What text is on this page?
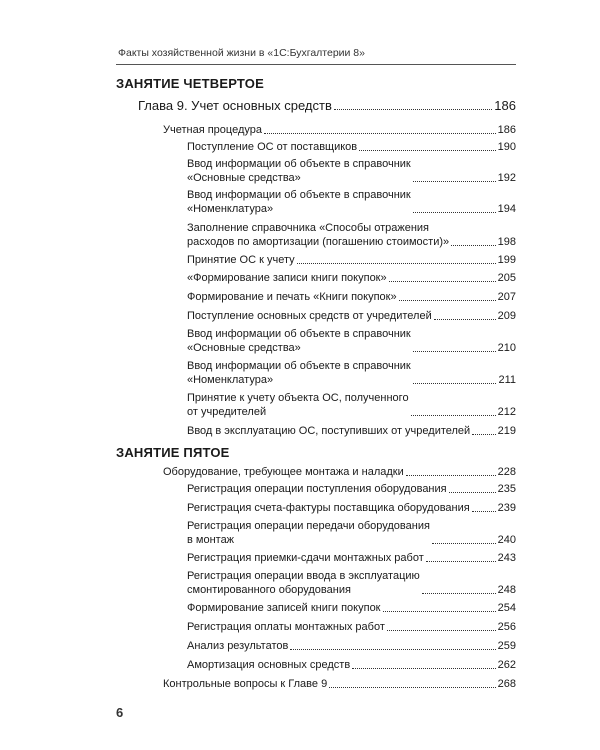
Факты хозяйственной жизни в «1С:Бухгалтерии 8»
ЗАНЯТИЕ ЧЕТВЕРТОЕ
Глава 9. Учет основных средств	186
Учетная процедура	186
Поступление ОС от поставщиков	190
Ввод информации об объекте в справочник
«Основные средства»	192
Ввод информации об объекте в справочник
«Номенклатура»	194
Заполнение справочника «Способы отражения
расходов по амортизации (погашению стоимости)»	198
Принятие ОС к учету	199
«Формирование записи книги покупок»	205
Формирование и печать «Книги покупок»	207
Поступление основных средств от учредителей	209
Ввод информации об объекте в справочник
«Основные средства»	210
Ввод информации об объекте в справочник
«Номенклатура»	211
Принятие к учету объекта ОС, полученного
от учредителей	212
Ввод в эксплуатацию ОС, поступивших от учредителей 219
ЗАНЯТИЕ ПЯТОЕ
Оборудование, требующее монтажа и наладки	228
Регистрация операции поступления оборудования	235
Регистрация счета-фактуры поставщика оборудования	239
Регистрация операции передачи оборудования
в монтаж	240
Регистрация приемки-сдачи монтажных работ	243
Регистрация операции ввода в эксплуатацию
смонтированного оборудования	248
Формирование записей книги покупок	254
Регистрация оплаты монтажных работ	256
Анализ результатов	259
Амортизация основных средств	262
Контрольные вопросы к Главе 9	268
6
